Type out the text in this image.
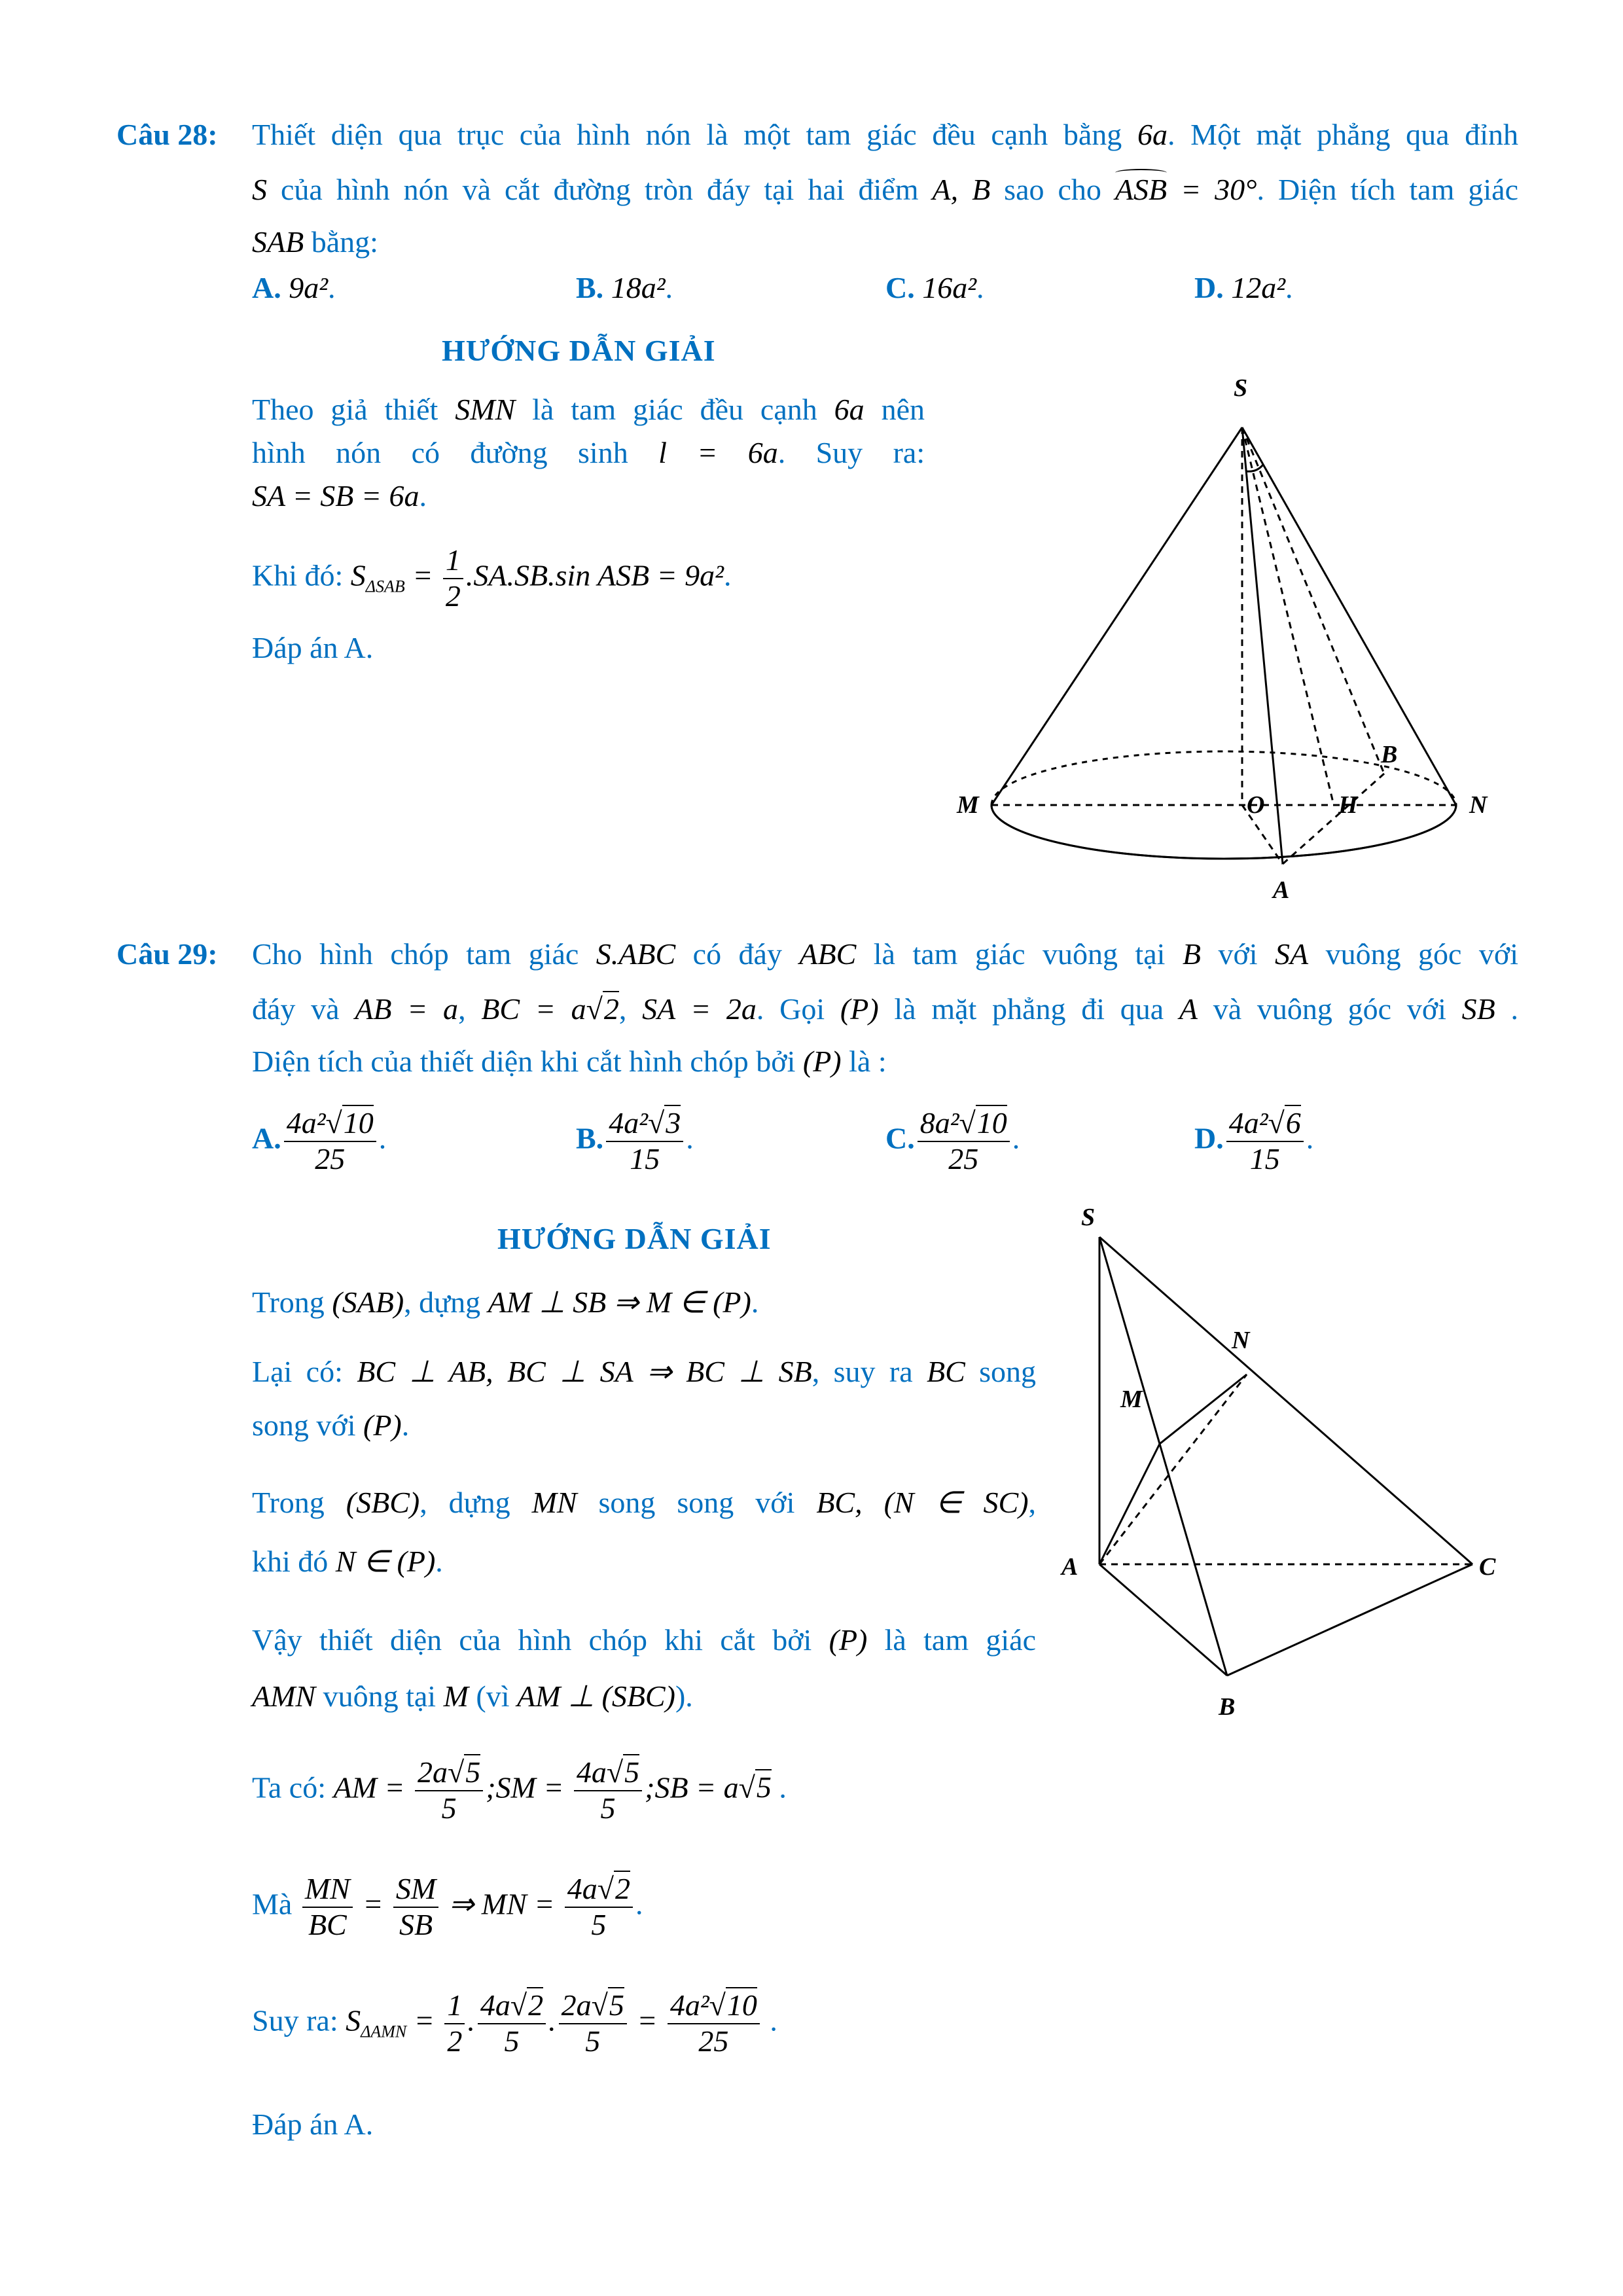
Câu 28: Thiết diện qua trục của hình nón là một tam giác đều cạnh bằng 6a. Một mặt phẳng qua đỉnh
S của hình nón và cắt đường tròn đáy tại hai điểm A, B sao cho
ASB = 30°. Diện tích tam giác
SAB bằng:
A. 9a².	B. 18a².	C. 16a².	D. 12a².
HƯỚNG DẪN GIẢI
Theo giả thiết SMN là tam giác đều cạnh 6a nên
hình nón có đường sinh l = 6a. Suy ra:
SA = SB = 6a.
Khi đó: $S_{\Delta SAB} = \frac{1}{2} .SA.SB.\sin$ ASB = 9a².
Đáp án A.
S
M	O	H	N
A
B
Câu 29: Cho hình chóp tam giác S.ABC có đáy ABC là tam giác vuông tại B với SA vuông góc với
đáy và AB = a, BC = a√2, SA = 2a. Gọi (P) là mặt phẳng đi qua A và vuông góc với SB .
Diện tích của thiết diện khi cắt hình chóp bởi (P) là :
A. $\frac{\text{4a²√10}}{25}$ .	B. $\frac{\text{4a²√3}}{15}$ .	C. $\frac{\text{8a²√10}}{25}$ .	D. $\frac{\text{4a²√6}}{15}$ .
HƯỚNG DẪN GIẢI
Trong (SAB), dựng AM ⊥ SB ⇒ M ∈ (P).
Lại có: BC ⊥ AB, BC ⊥ SA ⇒ BC ⊥ SB, suy ra BC song
song với (P).
Trong (SBC), dựng MN song song với BC, (N ∈ SC),
khi đó N ∈ (P).
Vậy thiết diện của hình chóp khi cắt bởi (P) là tam giác
AMN vuông tại M (vì AM ⊥ (SBC)).
Ta có: AM = $\frac{2a√5}{5}$ ;SM = $\frac{4a√5}{5}$ ;SB = a√5 .
Mà $\frac{MN}{BC} = \frac{SM}{SB}$ ⇒ MN = $\frac{4a√2}{5}$ .
Suy ra: $S_{\Delta AMN} = \frac{1}{2}$ . $\frac{4a√2}{5}$ . $\frac{2a√5}{5} = \frac{\text{4a²√10}}{25}$ .
Đáp án A.
S
N
M
A	C
B
